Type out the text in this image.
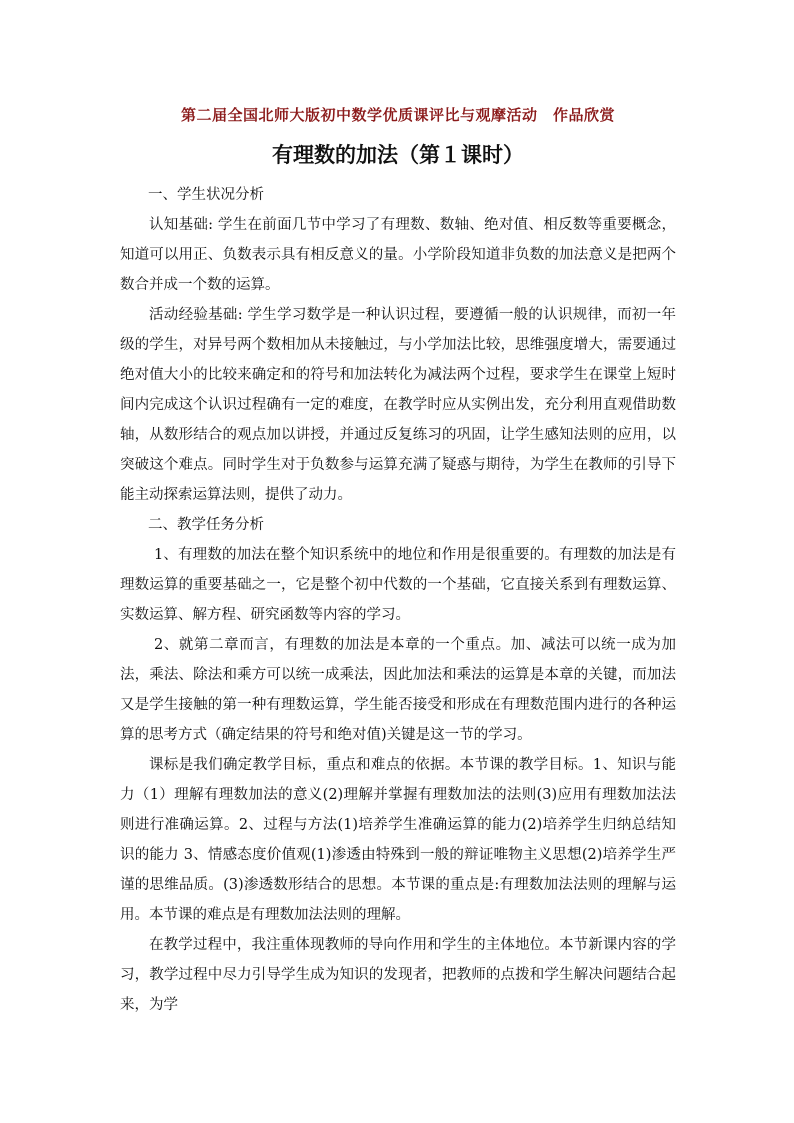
第二届全国北师大版初中数学优质课评比与观摩活动　作品欣赏
有理数的加法（第１课时）

一、学生状况分析

认知基础: 学生在前面几节中学习了有理数、数轴、绝对值、相反数等重要概念，知道可以用正、负数表示具有相反意义的量。小学阶段知道非负数的加法意义是把两个数合并成一个数的运算。

活动经验基础: 学生学习数学是一种认识过程，要遵循一般的认识规律，而初一年级的学生，对异号两个数相加从未接触过，与小学加法比较，思维强度增大，需要通过绝对值大小的比较来确定和的符号和加法转化为减法两个过程，要求学生在课堂上短时间内完成这个认识过程确有一定的难度，在教学时应从实例出发，充分利用直观借助数轴，从数形结合的观点加以讲授，并通过反复练习的巩固，让学生感知法则的应用，以突破这个难点。同时学生对于负数参与运算充满了疑惑与期待，为学生在教师的引导下能主动探索运算法则，提供了动力。

二、教学任务分析

1、有理数的加法在整个知识系统中的地位和作用是很重要的。有理数的加法是有理数运算的重要基础之一，它是整个初中代数的一个基础，它直接关系到有理数运算、实数运算、解方程、研究函数等内容的学习。

2、就第二章而言，有理数的加法是本章的一个重点。加、减法可以统一成为加法，乘法、除法和乘方可以统一成乘法，因此加法和乘法的运算是本章的关键，而加法又是学生接触的第一种有理数运算，学生能否接受和形成在有理数范围内进行的各种运算的思考方式（确定结果的符号和绝对值)关键是这一节的学习。

课标是我们确定教学目标，重点和难点的依据。本节课的教学目标。1、知识与能力（1）理解有理数加法的意义(2)理解并掌握有理数加法的法则(3)应用有理数加法法则进行准确运算。2、过程与方法(1)培养学生准确运算的能力(2)培养学生归纳总结知识的能力 3、情感态度价值观(1)渗透由特殊到一般的辩证唯物主义思想(2)培养学生严谨的思维品质。(3)渗透数形结合的思想。本节课的重点是:有理数加法法则的理解与运用。本节课的难点是有理数加法法则的理解。

在教学过程中，我注重体现教师的导向作用和学生的主体地位。本节新课内容的学习，教学过程中尽力引导学生成为知识的发现者，把教师的点拨和学生解决问题结合起来，为学
